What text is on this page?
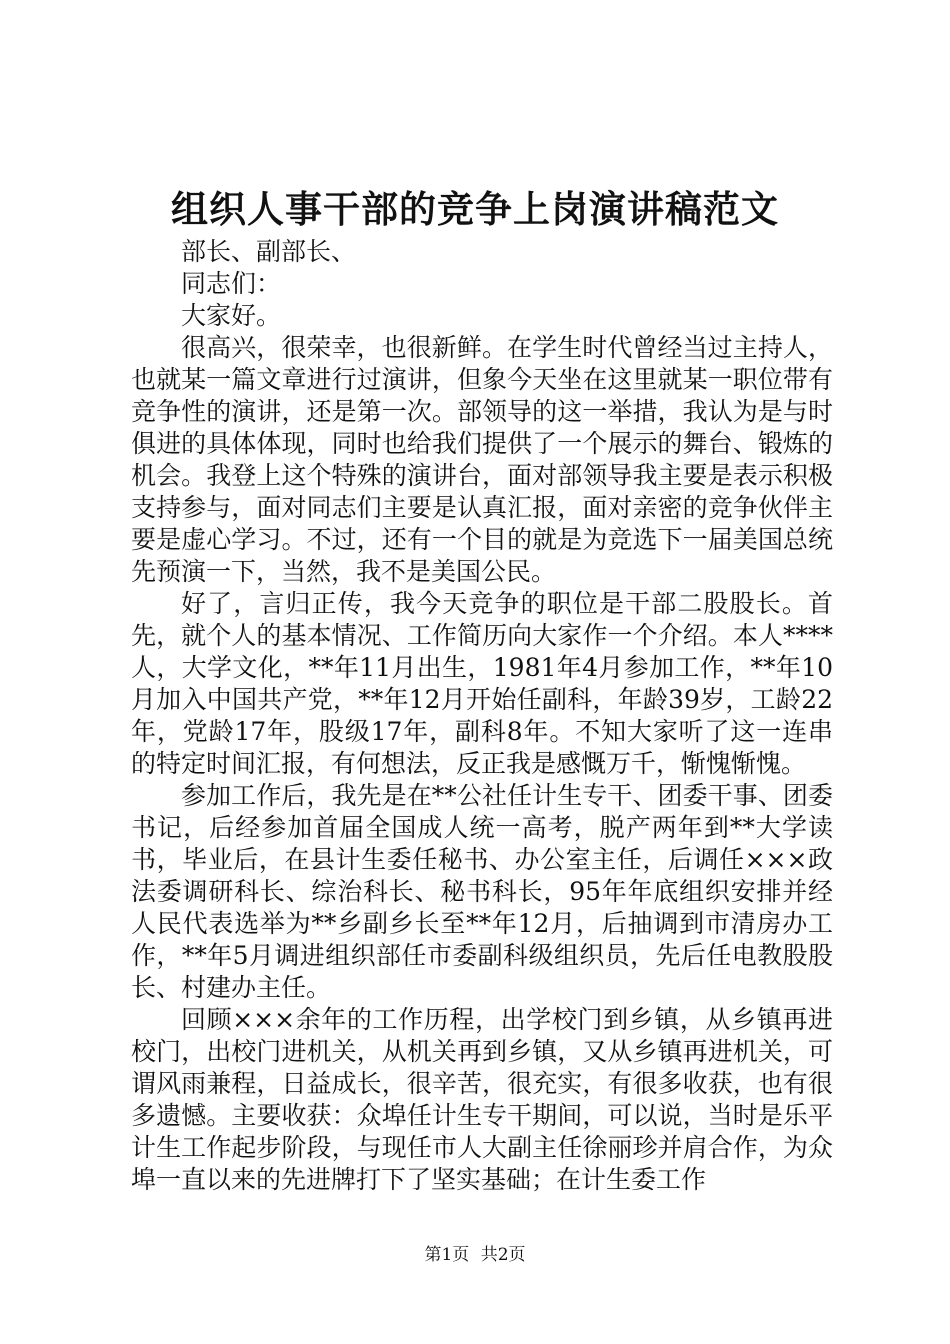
组织人事干部的竞争上岗演讲稿范文

部长、副部长、

同志们：

大家好。

很高兴，很荣幸，也很新鲜。在学生时代曾经当过主持人，也就某一篇文章进行过演讲，但象今天坐在这里就某一职位带有竞争性的演讲，还是第一次。部领导的这一举措，我认为是与时俱进的具体体现，同时也给我们提供了一个展示的舞台、锻炼的机会。我登上这个特殊的演讲台，面对部领导我主要是表示积极支持参与，面对同志们主要是认真汇报，面对亲密的竞争伙伴主要是虚心学习。不过，还有一个目的就是为竞选下一届美国总统先预演一下，当然，我不是美国公民。

好了，言归正传，我今天竞争的职位是干部二股股长。首先，就个人的基本情况、工作简历向大家作一个介绍。本人****人，大学文化，**年11月出生，1981年4月参加工作，**年10月加入中国共产党，**年12月开始任副科，年龄39岁，工龄22年，党龄17年，股级17年，副科8年。不知大家听了这一连串的特定时间汇报，有何想法，反正我是感慨万千，惭愧惭愧。

参加工作后，我先是在**公社任计生专干、团委干事、团委书记，后经参加首届全国成人统一高考，脱产两年到**大学读书，毕业后，在县计生委任秘书、办公室主任，后调任×××政法委调研科长、综治科长、秘书科长，95年年底组织安排并经人民代表选举为**乡副乡长至**年12月，后抽调到市清房办工作，**年5月调进组织部任市委副科级组织员，先后任电教股股长、村建办主任。

回顾×××余年的工作历程，出学校门到乡镇，从乡镇再进校门，出校门进机关，从机关再到乡镇，又从乡镇再进机关，可谓风雨兼程，日益成长，很辛苦，很充实，有很多收获，也有很多遗憾。主要收获：众埠任计生专干期间，可以说，当时是乐平计生工作起步阶段，与现任市人大副主任徐丽珍并肩合作，为众埠一直以来的先进牌打下了坚实基础；在计生委工作

第1页 共2页
